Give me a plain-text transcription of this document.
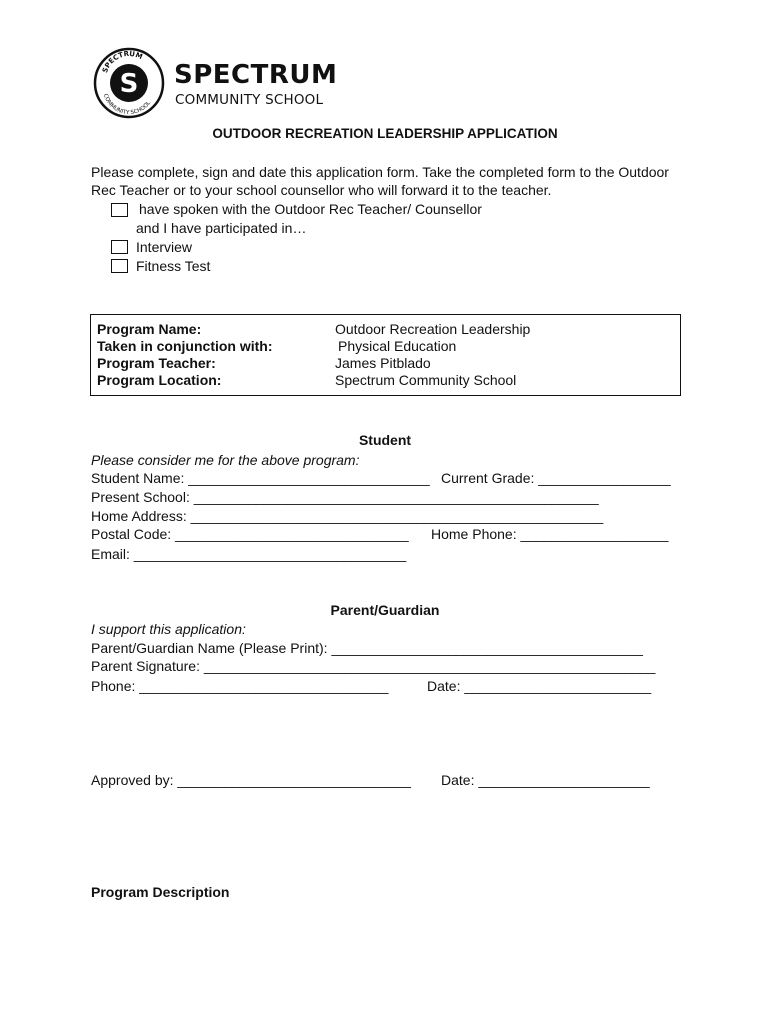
S
SPECTRUM
COMMUNITY SCHOOL
SPECTRUM
COMMUNITY SCHOOL
OUTDOOR RECREATION LEADERSHIP APPLICATION
Please complete, sign and date this application form. Take the completed form to the Outdoor
Rec Teacher or to your school counsellor who will forward it to the teacher.
have spoken with the Outdoor Rec Teacher/ Counsellor
and I have participated in…
Interview
Fitness Test
Program Name:
Taken in conjunction with:
Program Teacher:
Program Location:
Outdoor Recreation Leadership
Physical Education
James Pitblado
Spectrum Community School
Student
Please consider me for the above program:
Student Name: _______________________________ Current Grade: _________________
Present School: ____________________________________________________
Home Address: _____________________________________________________
Postal Code: ______________________________ Home Phone: ___________________
Email: ___________________________________
Parent/Guardian
I support this application:
Parent/Guardian Name (Please Print): ________________________________________
Parent Signature: __________________________________________________________
Phone: ________________________________	Date: ________________________
Approved by: ______________________________ Date: ______________________
Program Description
